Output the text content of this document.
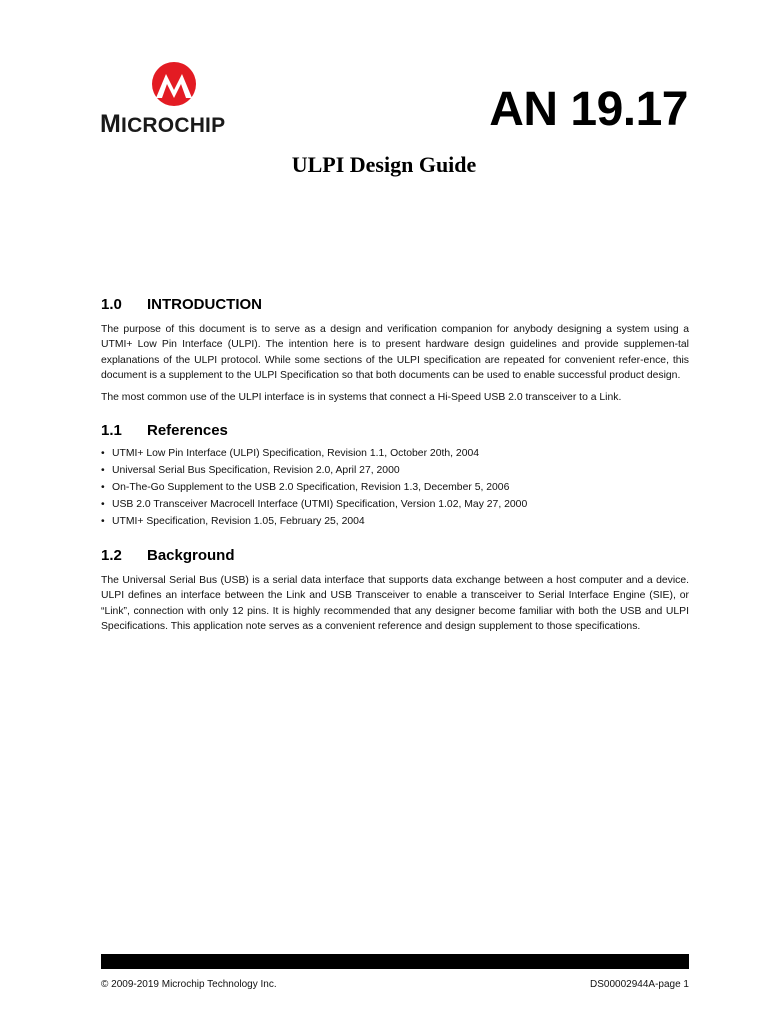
MICROCHIP	AN 19.17
ULPI Design Guide
1.0	INTRODUCTION

The purpose of this document is to serve as a design and verification companion for anybody designing a system using a UTMI+ Low Pin Interface (ULPI). The intention here is to present hardware design guidelines and provide supplemen-tal explanations of the ULPI protocol. While some sections of the ULPI specification are repeated for convenient refer-ence, this document is a supplement to the ULPI Specification so that both documents can be used to enable successful product design.

The most common use of the ULPI interface is in systems that connect a Hi-Speed USB 2.0 transceiver to a Link.

1.1	References
• UTMI+ Low Pin Interface (ULPI) Specification, Revision 1.1, October 20th, 2004
• Universal Serial Bus Specification, Revision 2.0, April 27, 2000
• On-The-Go Supplement to the USB 2.0 Specification, Revision 1.3, December 5, 2006
• USB 2.0 Transceiver Macrocell Interface (UTMI) Specification, Version 1.02, May 27, 2000
• UTMI+ Specification, Revision 1.05, February 25, 2004
1.2	Background

The Universal Serial Bus (USB) is a serial data interface that supports data exchange between a host computer and a device. ULPI defines an interface between the Link and USB Transceiver to enable a transceiver to Serial Interface Engine (SIE), or “Link”, connection with only 12 pins. It is highly recommended that any designer become familiar with both the USB and ULPI Specifications. This application note serves as a convenient reference and design supplement to those specifications.

© 2009-2019 Microchip Technology Inc.	DS00002944A-page 1
